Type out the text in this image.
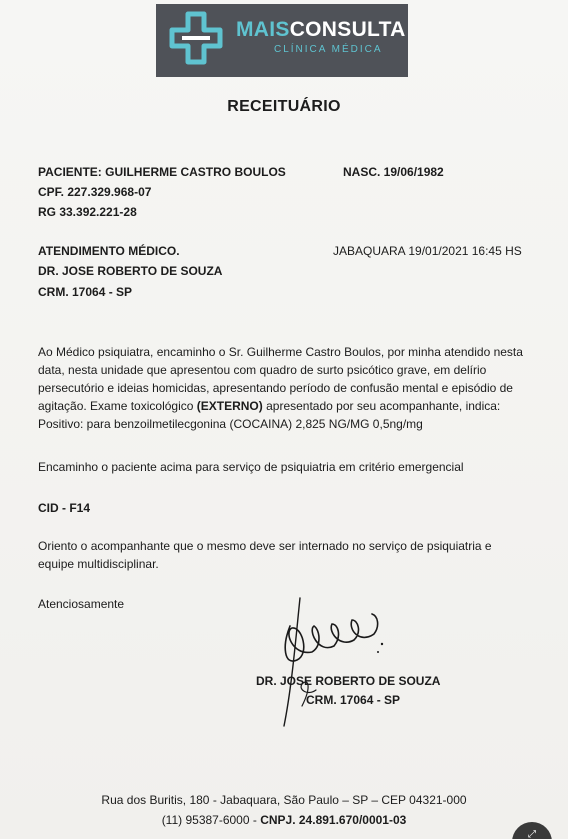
MAISCONSULTA
CLÍNICA MÉDICA
RECEITUÁRIO
PACIENTE: GUILHERME CASTRO BOULOS	NASC. 19/06/1982
CPF. 227.329.968-07
RG 33.392.221-28
ATENDIMENTO MÉDICO.	JABAQUARA 19/01/2021 16:45 HS
DR. JOSE ROBERTO DE SOUZA
CRM. 17064 - SP
Ao Médico psiquiatra, encaminho o Sr. Guilherme Castro Boulos, por minha atendido nesta data, nesta unidade que apresentou com quadro de surto psicótico grave, em delírio persecutório e ideias homicidas, apresentando período de confusão mental e episódio de agitação. Exame toxicológico (EXTERNO) apresentado por seu acompanhante, indica:
Positivo: para benzoilmetilecgonina (COCAINA) 2,825 NG/MG 0,5ng/mg
Encaminho o paciente acima para serviço de psiquiatria em critério emergencial
CID - F14
Oriento o acompanhante que o mesmo deve ser internado no serviço de psiquiatria e equipe multidisciplinar.
Atenciosamente
DR. JOSE ROBERTO DE SOUZA
CRM. 17064 - SP
Rua dos Buritis, 180 - Jabaquara, São Paulo – SP – CEP 04321-000
(11) 95387-6000 - CNPJ. 24.891.670/0001-03
⤢
